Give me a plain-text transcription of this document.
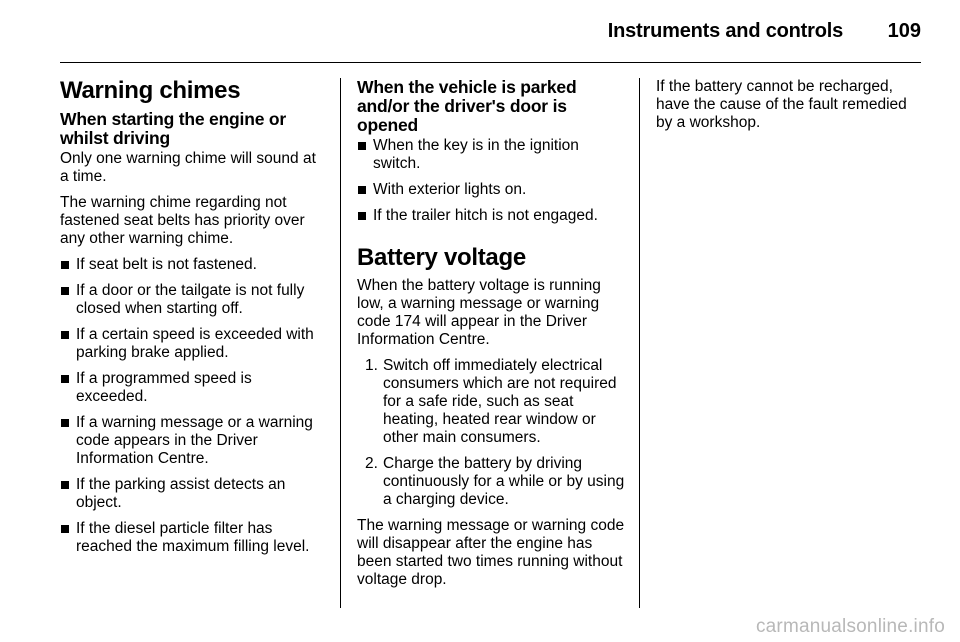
Instruments and controls 109
Warning chimes
When starting the engine or whilst driving

Only one warning chime will sound at a time.

The warning chime regarding not fastened seat belts has priority over any other warning chime.

If seat belt is not fastened.
If a door or the tailgate is not fully closed when starting off.
If a certain speed is exceeded with parking brake applied.
If a programmed speed is exceeded.
If a warning message or a warning code appears in the Driver Information Centre.
If the parking assist detects an object.
If the diesel particle filter has reached the maximum filling level.
When the vehicle is parked and/or the driver's door is opened
When the key is in the ignition switch.
With exterior lights on.
If the trailer hitch is not engaged.
Battery voltage

When the battery voltage is running low, a warning message or warning code 174 will appear in the Driver Information Centre.

1. Switch off immediately electrical consumers which are not required for a safe ride, such as seat heating, heated rear window or other main consumers.
2. Charge the battery by driving continuously for a while or by using a charging device.

The warning message or warning code will disappear after the engine has been started two times running without voltage drop.

If the battery cannot be recharged, have the cause of the fault remedied by a workshop.

carmanualsonline.info
